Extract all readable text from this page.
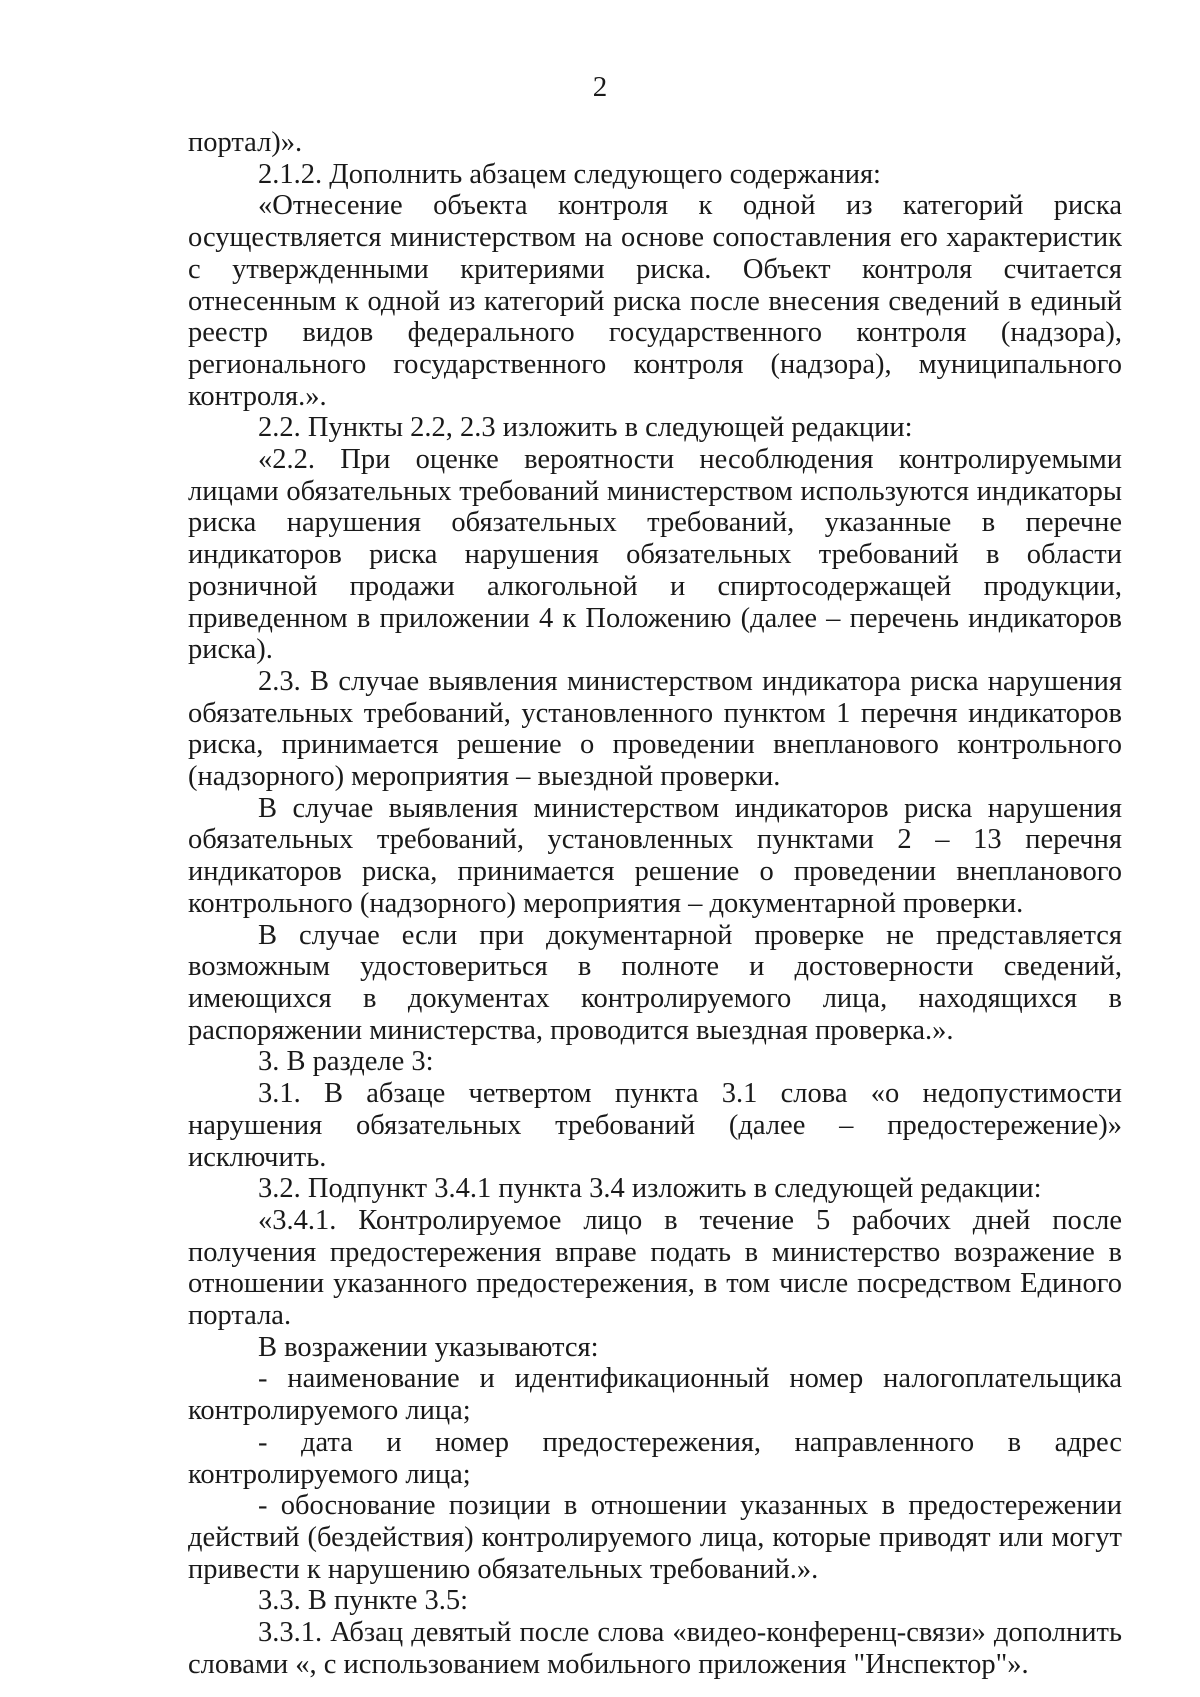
2

портал)».

2.1.2. Дополнить абзацем следующего содержания:

«Отнесение объекта контроля к одной из категорий риска осуществляется министерством на основе сопоставления его характеристик с утвержденными критериями риска. Объект контроля считается отнесенным к одной из категорий риска после внесения сведений в единый реестр видов федерального государственного контроля (надзора), регионального государственного контроля (надзора), муниципального контроля.».

2.2. Пункты 2.2, 2.3 изложить в следующей редакции:

«2.2. При оценке вероятности несоблюдения контролируемыми лицами обязательных требований министерством используются индикаторы риска нарушения обязательных требований, указанные в перечне индикаторов риска нарушения обязательных требований в области розничной продажи алкогольной и спиртосодержащей продукции, приведенном в приложении 4 к Положению (далее – перечень индикаторов риска).

2.3. В случае выявления министерством индикатора риска нарушения обязательных требований, установленного пунктом 1 перечня индикаторов риска, принимается решение о проведении внепланового контрольного (надзорного) мероприятия – выездной проверки.

В случае выявления министерством индикаторов риска нарушения обязательных требований, установленных пунктами 2 – 13 перечня индикаторов риска, принимается решение о проведении внепланового контрольного (надзорного) мероприятия – документарной проверки.

В случае если при документарной проверке не представляется возможным удостовериться в полноте и достоверности сведений, имеющихся в документах контролируемого лица, находящихся в распоряжении министерства, проводится выездная проверка.».

3. В разделе 3:

3.1. В абзаце четвертом пункта 3.1 слова «о недопустимости нарушения обязательных требований (далее – предостережение)» исключить.

3.2. Подпункт 3.4.1 пункта 3.4 изложить в следующей редакции:

«3.4.1. Контролируемое лицо в течение 5 рабочих дней после получения предостережения вправе подать в министерство возражение в отношении указанного предостережения, в том числе посредством Единого портала.

В возражении указываются:

- наименование и идентификационный номер налогоплательщика контролируемого лица;

- дата и номер предостережения, направленного в адрес контролируемого лица;

- обоснование позиции в отношении указанных в предостережении действий (бездействия) контролируемого лица, которые приводят или могут привести к нарушению обязательных требований.».

3.3. В пункте 3.5:

3.3.1. Абзац девятый после слова «видео-конференц-связи» дополнить словами «, с использованием мобильного приложения "Инспектор"».
